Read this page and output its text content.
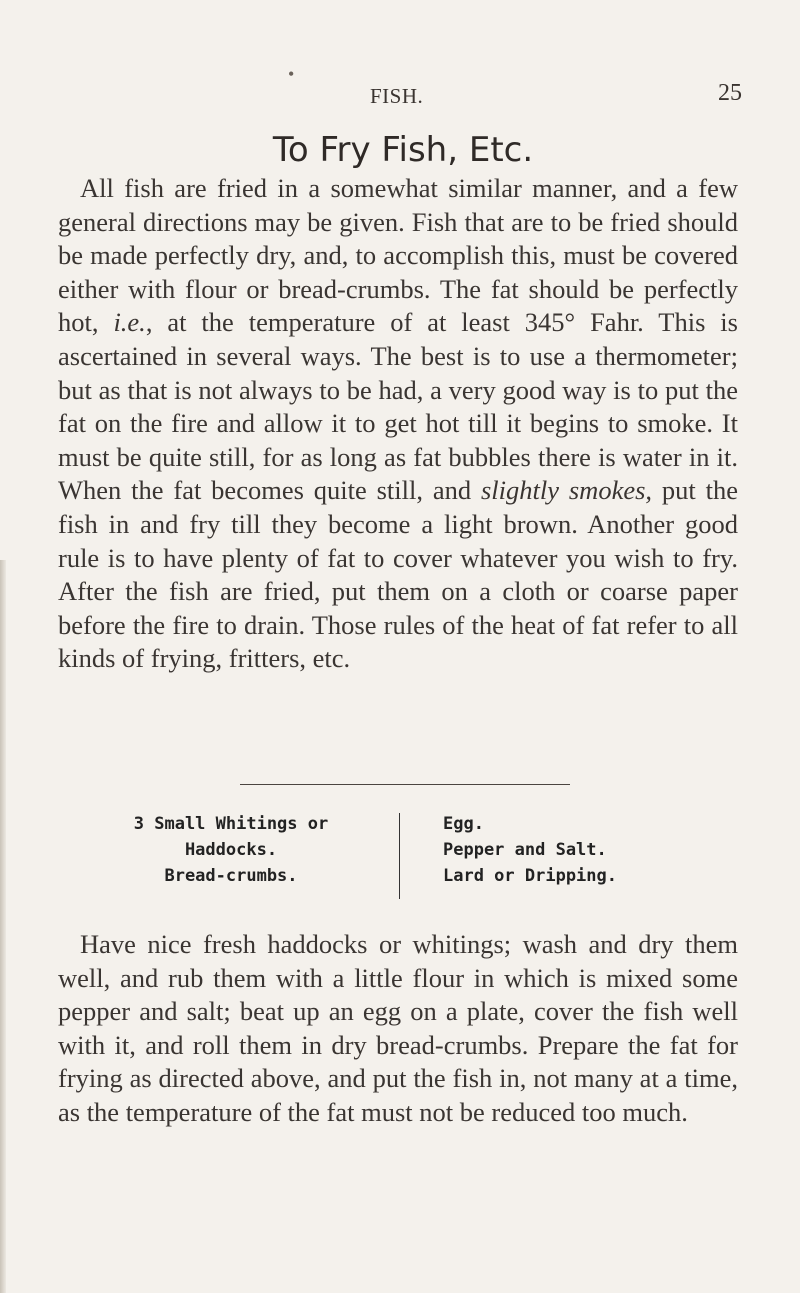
•
FISH.	25
To Fry Fish, Etc.

All fish are fried in a somewhat similar manner, and a few general directions may be given. Fish that are to be fried should be made perfectly dry, and, to accomplish this, must be covered either with flour or bread-crumbs. The fat should be perfectly hot, i.e., at the temperature of at least 345° Fahr. This is ascertained in several ways. The best is to use a thermometer; but as that is not always to be had, a very good way is to put the fat on the fire and allow it to get hot till it begins to smoke. It must be quite still, for as long as fat bubbles there is water in it. When the fat becomes quite still, and slightly smokes, put the fish in and fry till they become a light brown. Another good rule is to have plenty of fat to cover whatever you wish to fry. After the fish are fried, put them on a cloth or coarse paper before the fire to drain. Those rules of the heat of fat refer to all kinds of frying, fritters, etc.

3 Small Whitings or
Haddocks.
Bread-crumbs.
Egg.
Pepper and Salt.
Lard or Dripping.

Have nice fresh haddocks or whitings; wash and dry them well, and rub them with a little flour in which is mixed some pepper and salt; beat up an egg on a plate, cover the fish well with it, and roll them in dry bread-crumbs. Prepare the fat for frying as directed above, and put the fish in, not many at a time, as the temperature of the fat must not be reduced too much.
